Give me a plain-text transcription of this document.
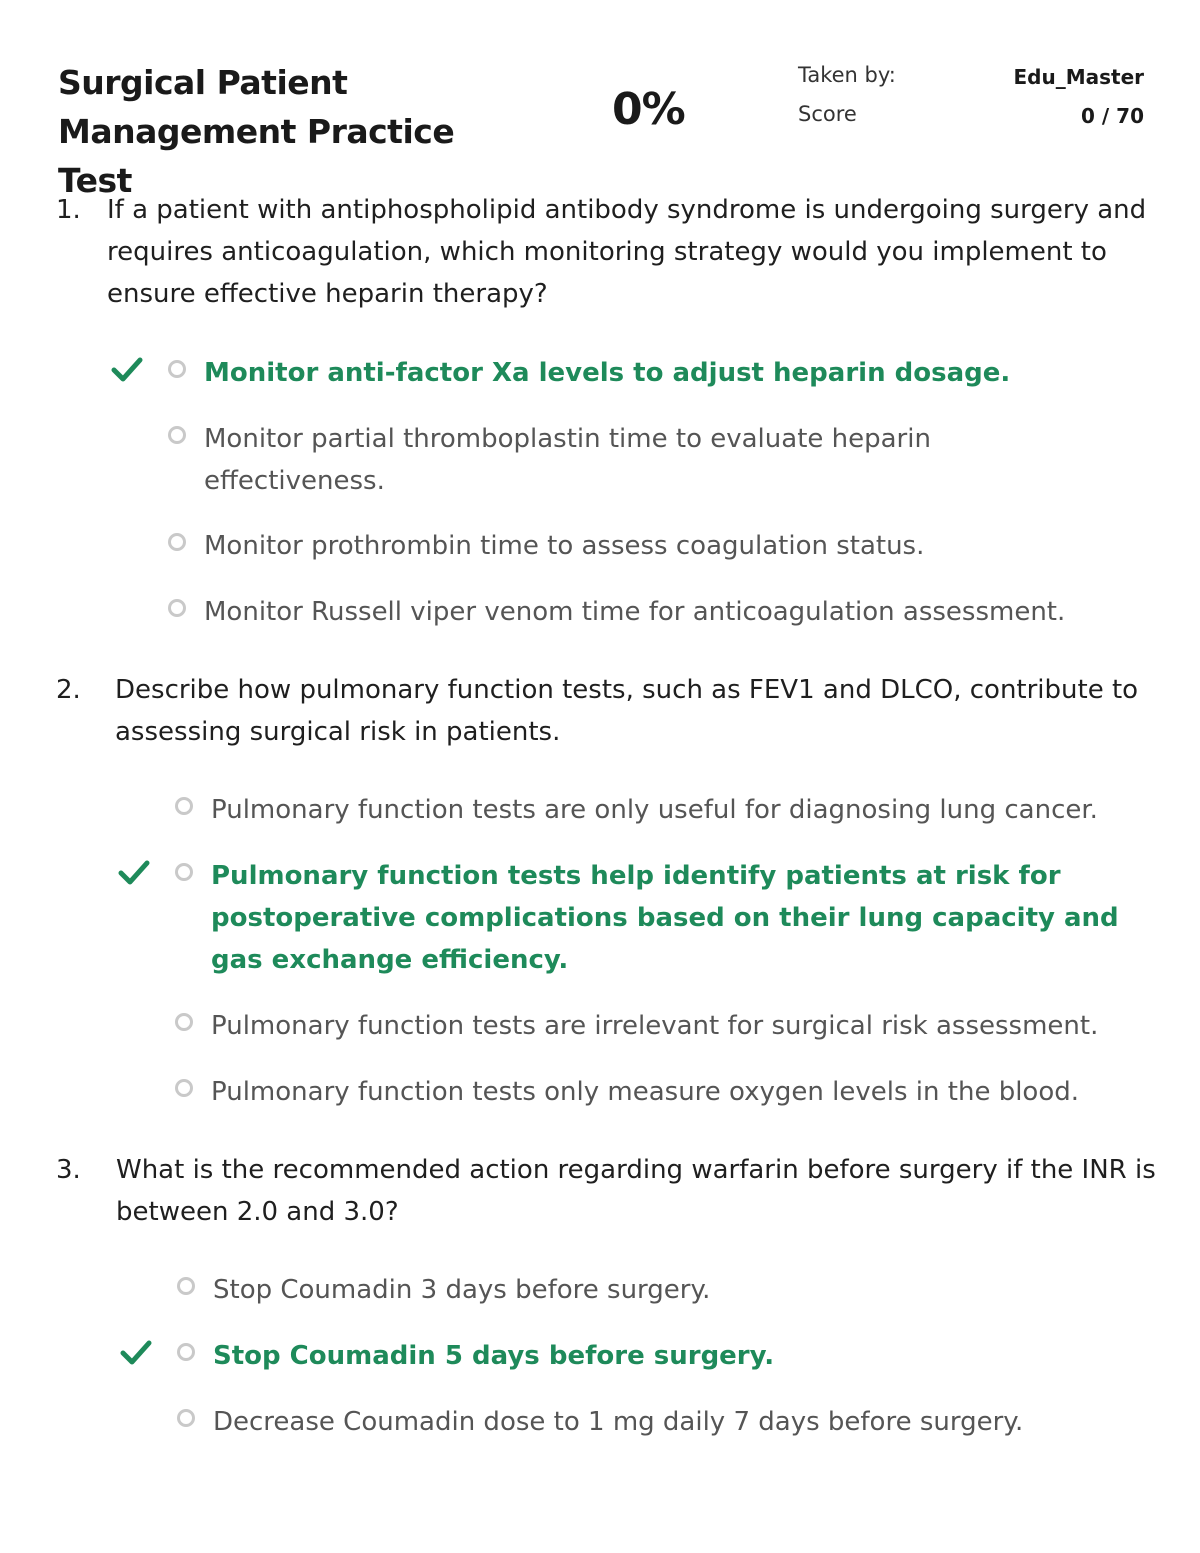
Surgical Patient Management Practice Test
0%
Taken by:	Edu_Master
Score	0 / 70
1. If a patient with antiphospholipid antibody syndrome is undergoing surgery and requires anticoagulation, which monitoring strategy would you implement to ensure effective heparin therapy?
Monitor anti-factor Xa levels to adjust heparin dosage.
Monitor partial thromboplastin time to evaluate heparin effectiveness.
Monitor prothrombin time to assess coagulation status.
Monitor Russell viper venom time for anticoagulation assessment.
2. Describe how pulmonary function tests, such as FEV1 and DLCO, contribute to assessing surgical risk in patients.
Pulmonary function tests are only useful for diagnosing lung cancer.
Pulmonary function tests help identify patients at risk for postoperative complications based on their lung capacity and gas exchange efficiency.
Pulmonary function tests are irrelevant for surgical risk assessment.
Pulmonary function tests only measure oxygen levels in the blood.
3. What is the recommended action regarding warfarin before surgery if the INR is between 2.0 and 3.0?
Stop Coumadin 3 days before surgery.
Stop Coumadin 5 days before surgery.
Decrease Coumadin dose to 1 mg daily 7 days before surgery.
